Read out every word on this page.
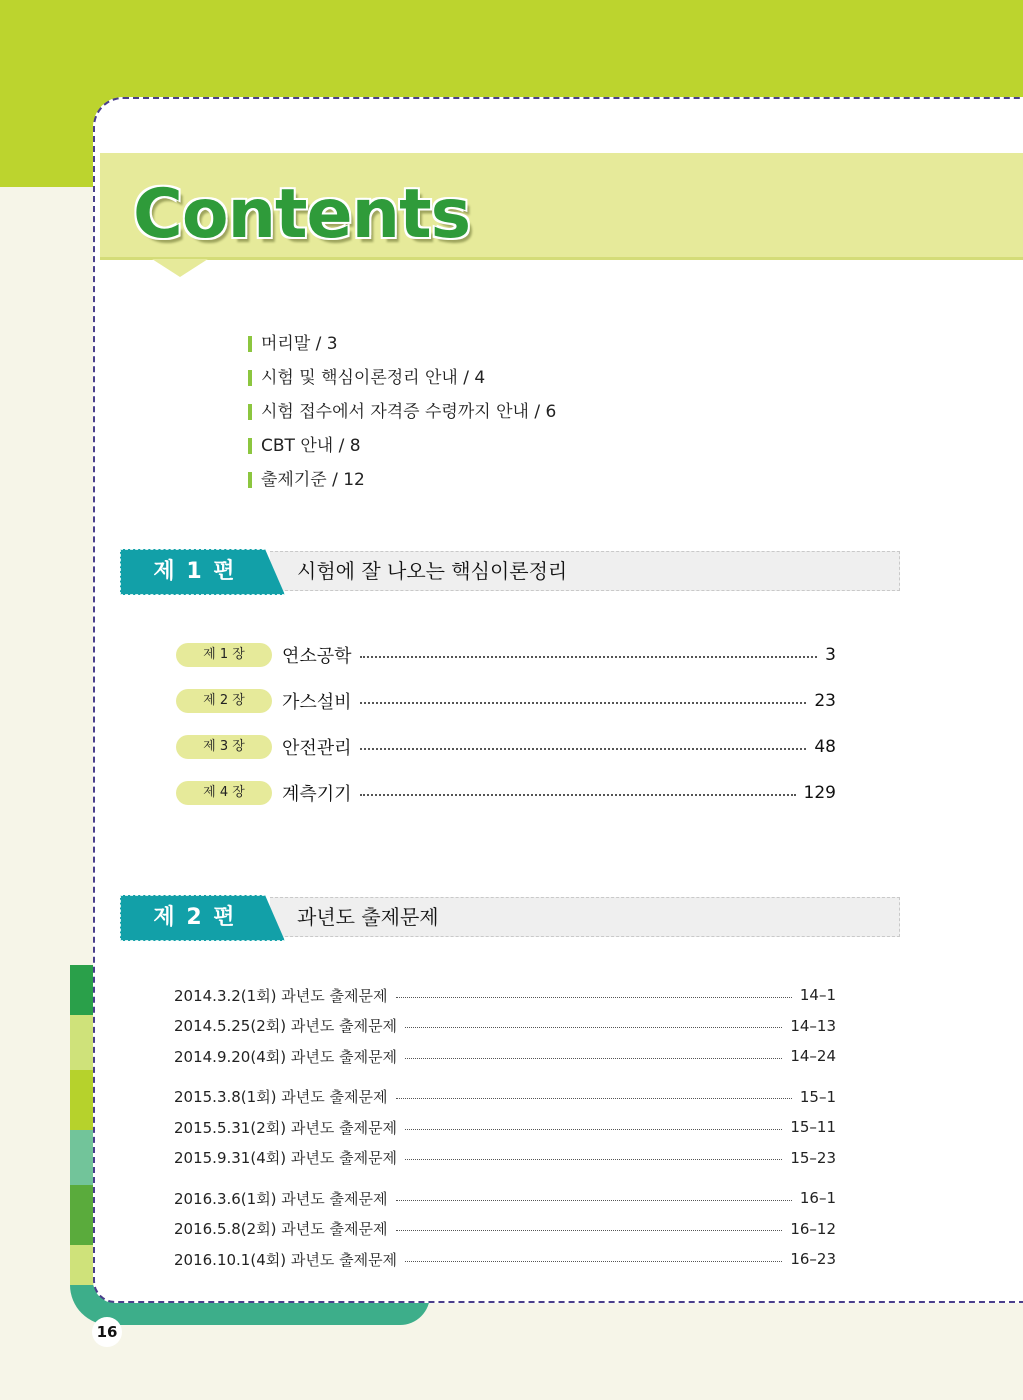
Contents
머리말 / 3
시험 및 핵심이론정리 안내 / 4
시험 접수에서 자격증 수령까지 안내 / 6
CBT 안내 / 8
출제기준 / 12
제 1 편	시험에 잘 나오는 핵심이론정리
제 1 장	연소공학	3
제 2 장	가스설비	23
제 3 장	안전관리	48
제 4 장	계측기기	129
제 2 편	과년도 출제문제
2014.3.2(1회) 과년도 출제문제	14–1
2014.5.25(2회) 과년도 출제문제	14–13
2014.9.20(4회) 과년도 출제문제	14–24
2015.3.8(1회) 과년도 출제문제	15–1
2015.5.31(2회) 과년도 출제문제	15–11
2015.9.31(4회) 과년도 출제문제	15–23
2016.3.6(1회) 과년도 출제문제	16–1
2016.5.8(2회) 과년도 출제문제	16–12
2016.10.1(4회) 과년도 출제문제	16–23
16
